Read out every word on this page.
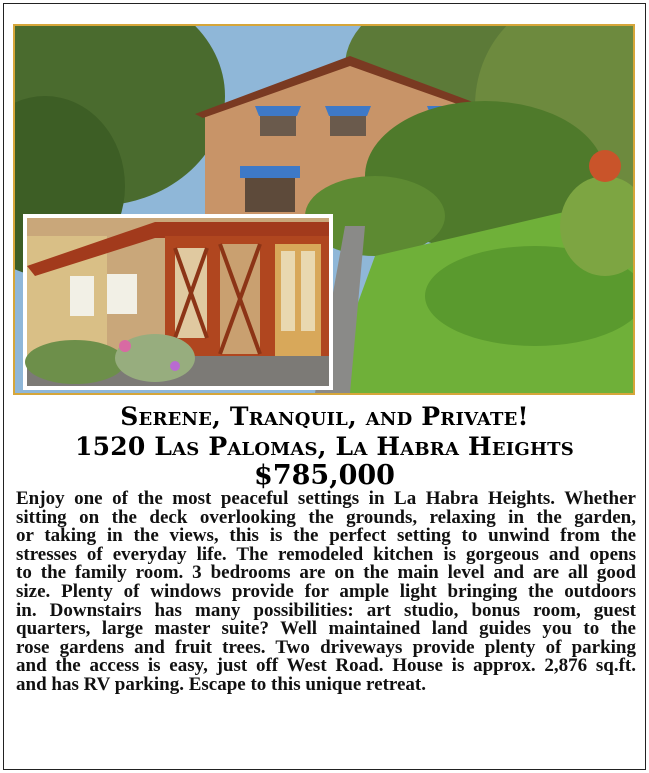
Serene, Tranquil, and Private!
1520 Las Palomas, La Habra Heights
$785,000
Enjoy one of the most peaceful settings in La Habra Heights. Whether
sitting on the deck overlooking the grounds, relaxing in the garden,
or taking in the views, this is the perfect setting to unwind from the
stresses of everyday life. The remodeled kitchen is gorgeous and opens
to the family room. 3 bedrooms are on the main level and are all good
size. Plenty of windows provide for ample light bringing the outdoors
in. Downstairs has many possibilities: art studio, bonus room, guest
quarters, large master suite? Well maintained land guides you to the
rose gardens and fruit trees. Two driveways provide plenty of parking
and the access is easy, just off West Road. House is approx. 2,876 sq.ft.
and has RV parking. Escape to this unique retreat.
